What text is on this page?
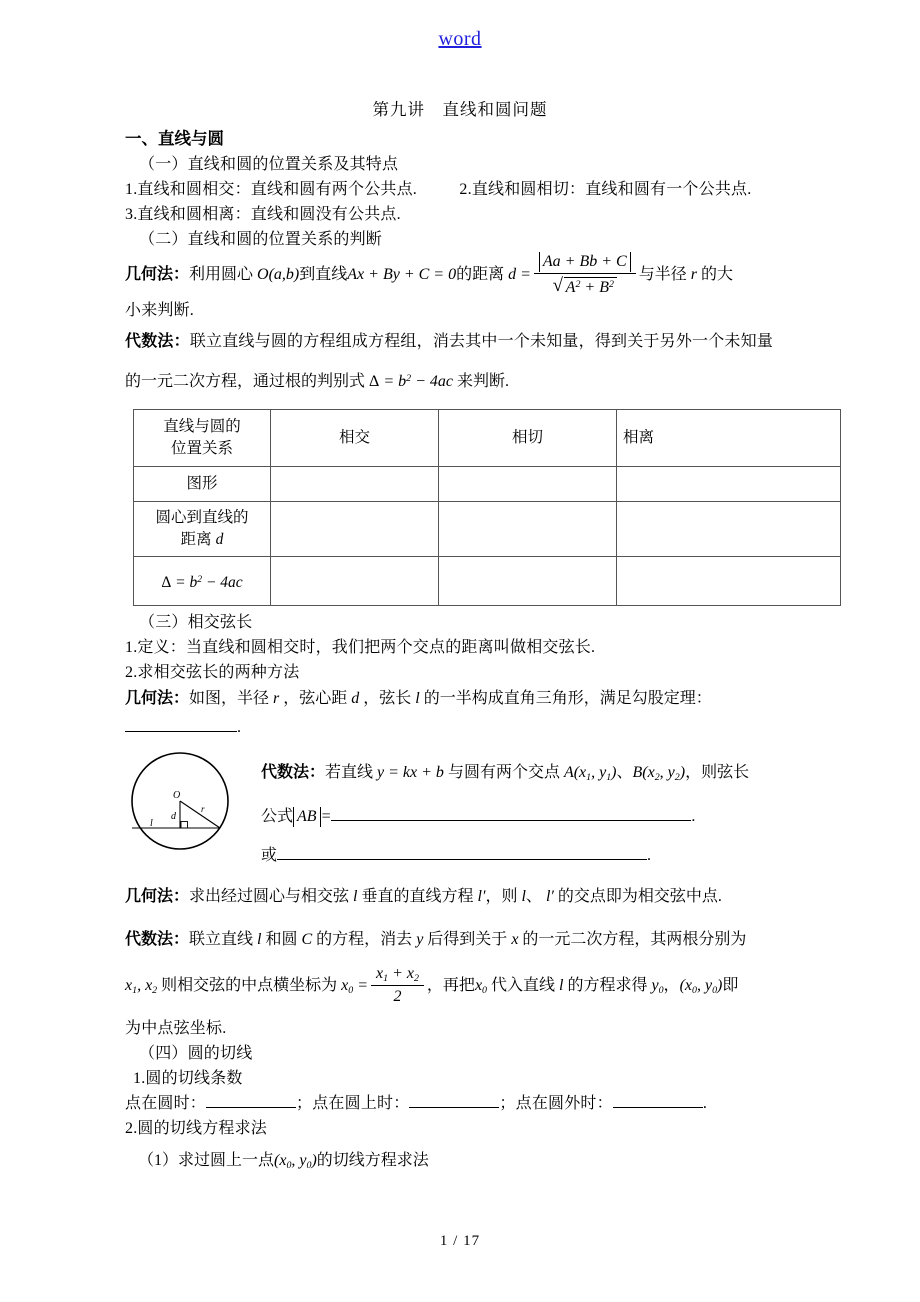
word
第九讲　直线和圆问题
一、直线与圆
（一）直线和圆的位置关系及其特点
1.直线和圆相交：直线和圆有两个公共点.	2.直线和圆相切：直线和圆有一个公共点.
3.直线和圆相离：直线和圆没有公共点.
（二）直线和圆的位置关系的判断
几何法：利用圆心 O(a,b)到直线Ax + By + C = 0的距离 d = Aa + Bb + C
√ $A^2 + B^2$ 与半径 r 的大
小来判断.
代数法：联立直线与圆的方程组成方程组，消去其中一个未知量，得到关于另外一个未知量
的一元二次方程，通过根的判别式 $\Delta = b^2 - 4ac$ 来判断.
直线与圆的
位置关系	相交	相切	相离
图形			
圆心到直线的
距离 d			
$\Delta = b^2 - 4ac$			
（三）相交弦长
1.定义：当直线和圆相交时，我们把两个交点的距离叫做相交弦长.
2.求相交弦长的两种方法
几何法：如图，半径 r ，弦心距 d ，弦长 l 的一半构成直角三角形，满足勾股定理：
.
O
d
r
l
代数法：若直线 y = kx + b 与圆有两个交点 $A(x_1$, $y_1$)、$B(x_2$, $y_2$)，则弦长
公式 AB =	.
或	.
几何法：求出经过圆心与相交弦 l 垂直的直线方程 l′，则 l、 l′ 的交点即为相交弦中点.
代数法：联立直线 l 和圆 C 的方程，消去 y 后得到关于 x 的一元二次方程，其两根分别为
$x_1$, $x_2$ 则相交弦的中点横坐标为 $x_0 = \frac{x_1 + x_2}{2}$ ，再把$x_0$ 代入直线 l 的方程求得 $y_0$，($x_0$, $y_0$)即
为中点弦坐标.
（四）圆的切线
1.圆的切线条数
点在圆时：	；点在圆上时：	；点在圆外时：	.
2.圆的切线方程求法
（1）求过圆上一点($x_0$, $y_0$)的切线方程求法
1 / 17
